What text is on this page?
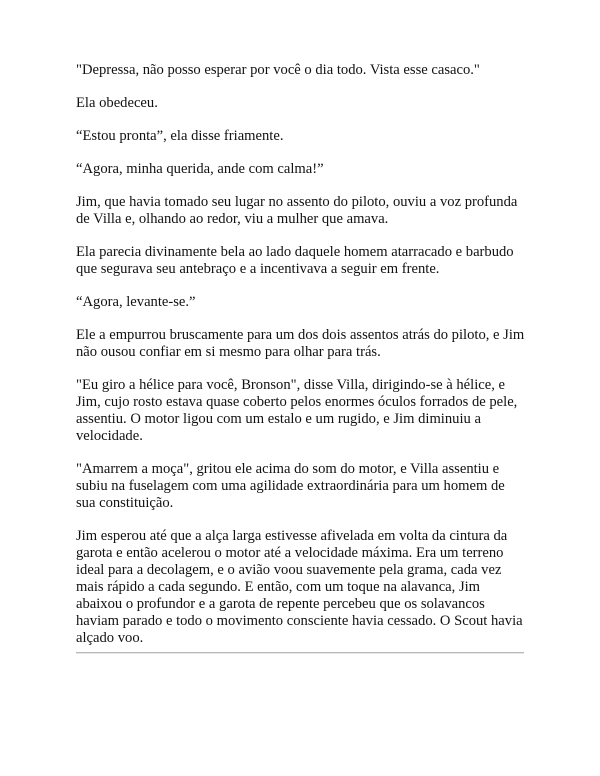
"Depressa, não posso esperar por você o dia todo. Vista esse casaco."

Ela obedeceu.

“Estou pronta”, ela disse friamente.

“Agora, minha querida, ande com calma!”

Jim, que havia tomado seu lugar no assento do piloto, ouviu a voz profunda de Villa e, olhando ao redor, viu a mulher que amava.

Ela parecia divinamente bela ao lado daquele homem atarracado e barbudo que segurava seu antebraço e a incentivava a seguir em frente.

“Agora, levante-se.”

Ele a empurrou bruscamente para um dos dois assentos atrás do piloto, e Jim não ousou confiar em si mesmo para olhar para trás.

"Eu giro a hélice para você, Bronson", disse Villa, dirigindo-se à hélice, e Jim, cujo rosto estava quase coberto pelos enormes óculos forrados de pele, assentiu. O motor ligou com um estalo e um rugido, e Jim diminuiu a velocidade.

"Amarrem a moça", gritou ele acima do som do motor, e Villa assentiu e subiu na fuselagem com uma agilidade extraordinária para um homem de sua constituição.

Jim esperou até que a alça larga estivesse afivelada em volta da cintura da garota e então acelerou o motor até a velocidade máxima. Era um terreno ideal para a decolagem, e o avião voou suavemente pela grama, cada vez mais rápido a cada segundo. E então, com um toque na alavanca, Jim abaixou o profundor e a garota de repente percebeu que os solavancos haviam parado e todo o movimento consciente havia cessado. O Scout havia alçado voo.
